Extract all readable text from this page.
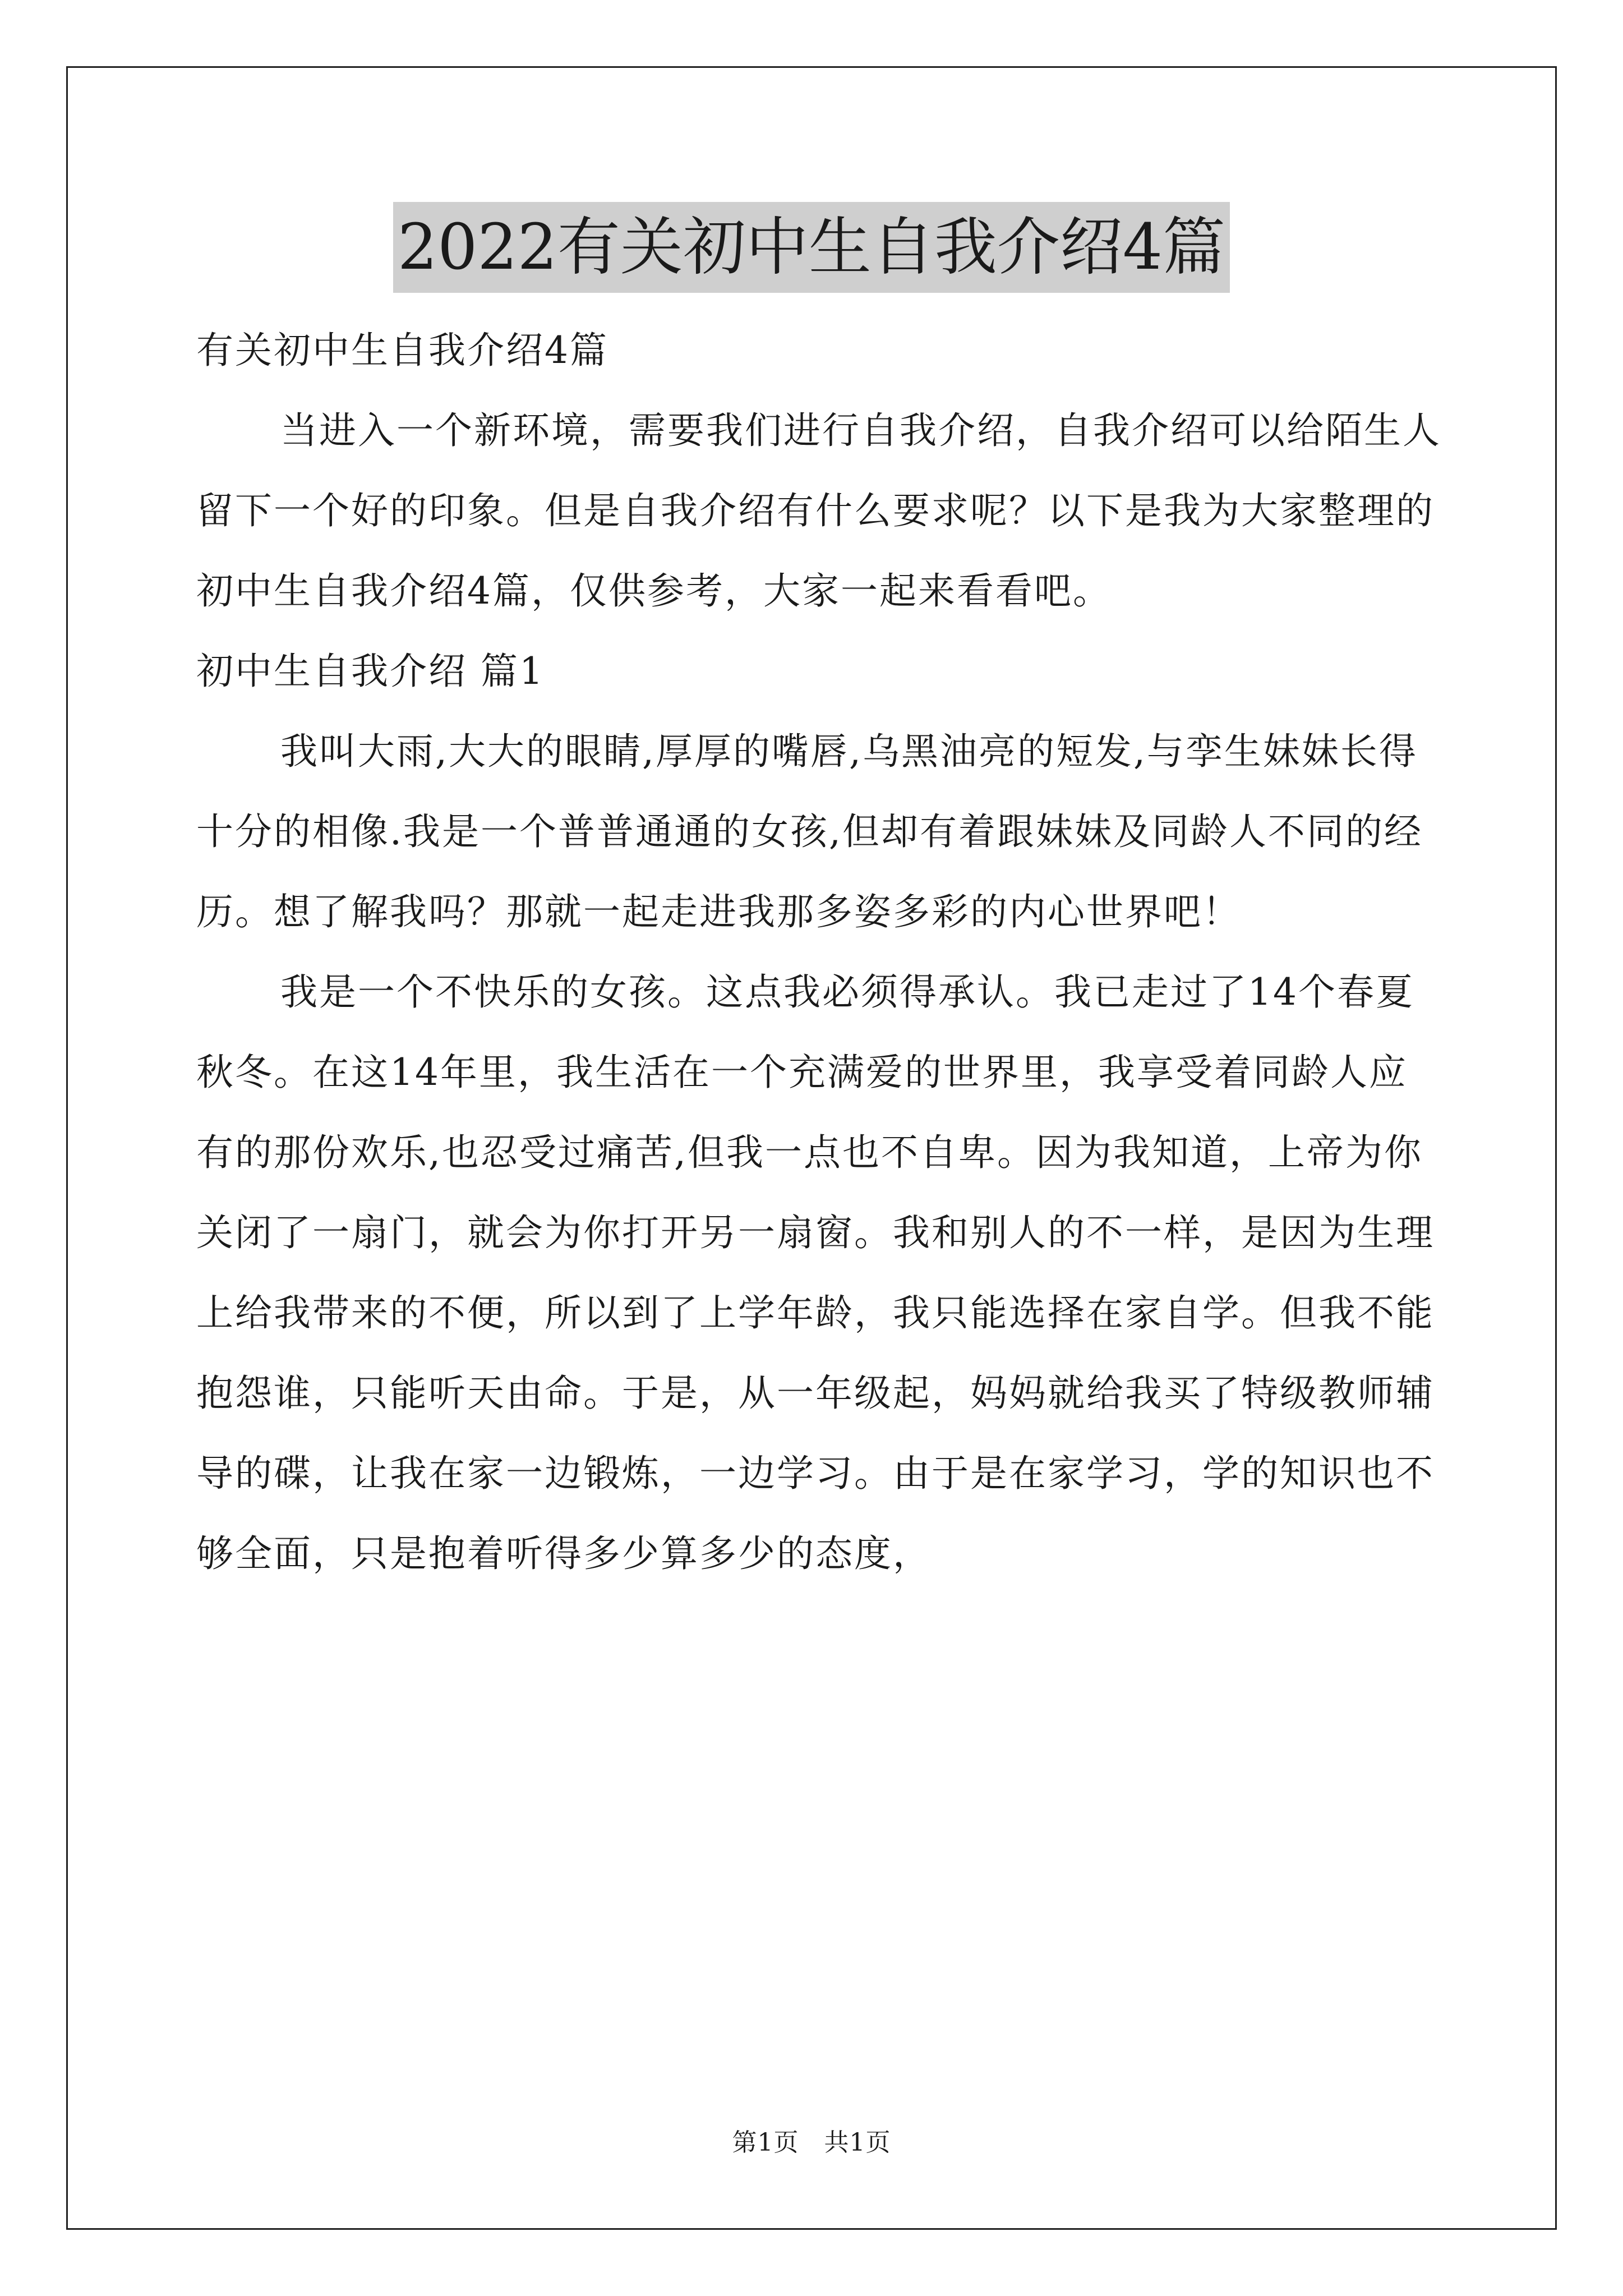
2022有关初中生自我介绍4篇

有关初中生自我介绍4篇

当进入一个新环境，需要我们进行自我介绍，自我介绍可以给陌生人留下一个好的印象。但是自我介绍有什么要求呢？以下是我为大家整理的初中生自我介绍4篇，仅供参考，大家一起来看看吧。

初中生自我介绍 篇1

我叫大雨,大大的眼睛,厚厚的嘴唇,乌黑油亮的短发,与孪生妹妹长得十分的相像.我是一个普普通通的女孩,但却有着跟妹妹及同龄人不同的经历。想了解我吗？那就一起走进我那多姿多彩的内心世界吧！

我是一个不快乐的女孩。这点我必须得承认。我已走过了14个春夏秋冬。在这14年里，我生活在一个充满爱的世界里，我享受着同龄人应有的那份欢乐,也忍受过痛苦,但我一点也不自卑。因为我知道，上帝为你关闭了一扇门，就会为你打开另一扇窗。我和别人的不一样，是因为生理上给我带来的不便，所以到了上学年龄，我只能选择在家自学。但我不能抱怨谁，只能听天由命。于是，从一年级起，妈妈就给我买了特级教师辅导的碟，让我在家一边锻炼，一边学习。由于是在家学习，学的知识也不够全面，只是抱着听得多少算多少的态度，

第1页　共1页
